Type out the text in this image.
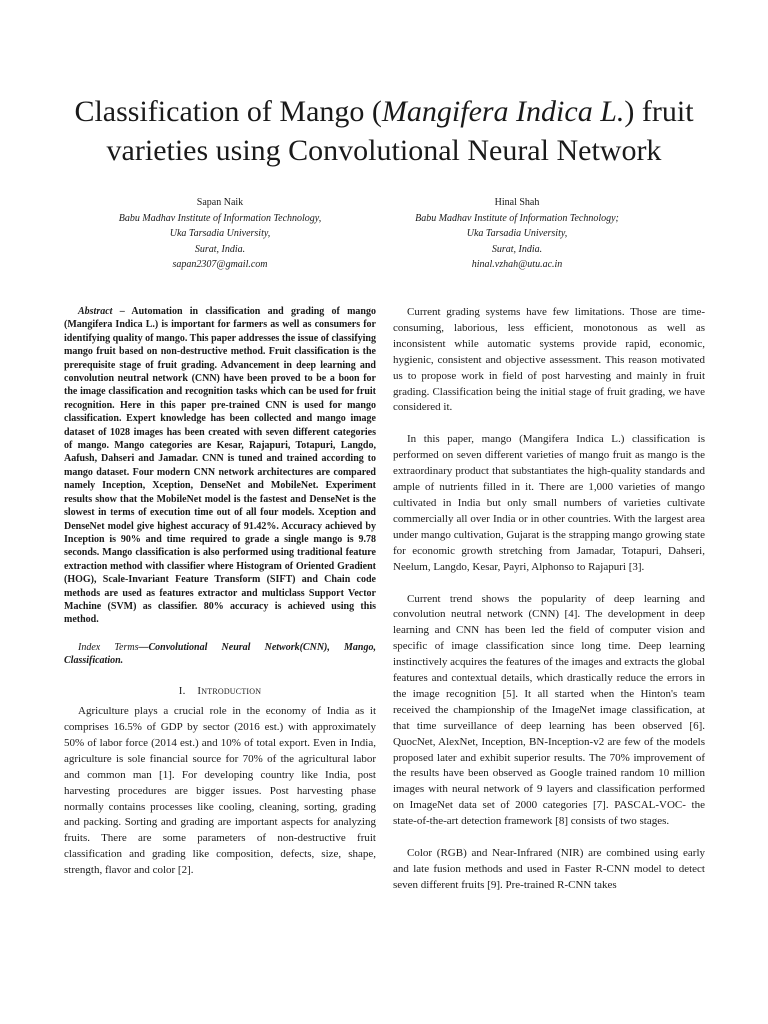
Classification of Mango (Mangifera Indica L.) fruit varieties using Convolutional Neural Network
Sapan Naik
Babu Madhav Institute of Information Technology,
Uka Tarsadia University,
Surat, India.
sapan2307@gmail.com
Hinal Shah
Babu Madhav Institute of Information Technology;
Uka Tarsadia University,
Surat, India.
hinal.vzhah@utu.ac.in

Abstract – Automation in classification and grading of mango (Mangifera Indica L.) is important for farmers as well as consumers for identifying quality of mango. This paper addresses the issue of classifying mango fruit based on non-destructive method. Fruit classification is the prerequisite stage of fruit grading. Advancement in deep learning and convolution neutral network (CNN) have been proved to be a boon for the image classification and recognition tasks which can be used for fruit recognition. Here in this paper pre-trained CNN is used for mango classification. Expert knowledge has been collected and mango image dataset of 1028 images has been created with seven different categories of mango. Mango categories are Kesar, Rajapuri, Totapuri, Langdo, Aafush, Dahseri and Jamadar. CNN is tuned and trained according to mango dataset. Four modern CNN network architectures are compared namely Inception, Xception, DenseNet and MobileNet. Experiment results show that the MobileNet model is the fastest and DenseNet is the slowest in terms of execution time out of all four models. Xception and DenseNet model give highest accuracy of 91.42%. Accuracy achieved by Inception is 90% and time required to grade a single mango is 9.78 seconds. Mango classification is also performed using traditional feature extraction method with classifier where Histogram of Oriented Gradient (HOG), Scale-Invariant Feature Transform (SIFT) and Chain code methods are used as features extractor and multiclass Support Vector Machine (SVM) as classifier. 80% accuracy is achieved using this method.

Index Terms—Convolutional Neural Network(CNN), Mango, Classification.

I. Introduction

Agriculture plays a crucial role in the economy of India as it comprises 16.5% of GDP by sector (2016 est.) with approximately 50% of labor force (2014 est.) and 10% of total export. Even in India, agriculture is sole financial source for 70% of the agricultural labor and common man [1]. For developing country like India, post harvesting procedures are bigger issues. Post harvesting phase normally contains processes like cooling, cleaning, sorting, grading and packing. Sorting and grading are important aspects for analyzing fruits. There are some parameters of non-destructive fruit classification and grading like composition, defects, size, shape, strength, flavor and color [2].

Current grading systems have few limitations. Those are time-consuming, laborious, less efficient, monotonous as well as inconsistent while automatic systems provide rapid, economic, hygienic, consistent and objective assessment. This reason motivated us to propose work in field of post harvesting and mainly in fruit grading. Classification being the initial stage of fruit grading, we have considered it.

In this paper, mango (Mangifera Indica L.) classification is performed on seven different varieties of mango fruit as mango is the extraordinary product that substantiates the high-quality standards and ample of nutrients filled in it. There are 1,000 varieties of mango cultivated in India but only small numbers of varieties cultivate commercially all over India or in other countries. With the largest area under mango cultivation, Gujarat is the strapping mango growing state for economic growth stretching from Jamadar, Totapuri, Dahseri, Neelum, Langdo, Kesar, Payri, Alphonso to Rajapuri [3].

Current trend shows the popularity of deep learning and convolution neutral network (CNN) [4]. The development in deep learning and CNN has been led the field of computer vision and specific of image classification since long time. Deep learning instinctively acquires the features of the images and extracts the global features and contextual details, which drastically reduce the errors in the image recognition [5]. It all started when the Hinton's team received the championship of the ImageNet image classification, at that time surveillance of deep learning has been observed [6]. QuocNet, AlexNet, Inception, BN-Inception-v2 are few of the models proposed later and exhibit superior results. The 70% improvement of the results have been observed as Google trained random 10 million images with neural network of 9 layers and classification performed on ImageNet data set of 2000 categories [7]. PASCAL-VOC- the state-of-the-art detection framework [8] consists of two stages.

Color (RGB) and Near-Infrared (NIR) are combined using early and late fusion methods and used in Faster R-CNN model to detect seven different fruits [9]. Pre-trained R-CNN takes
